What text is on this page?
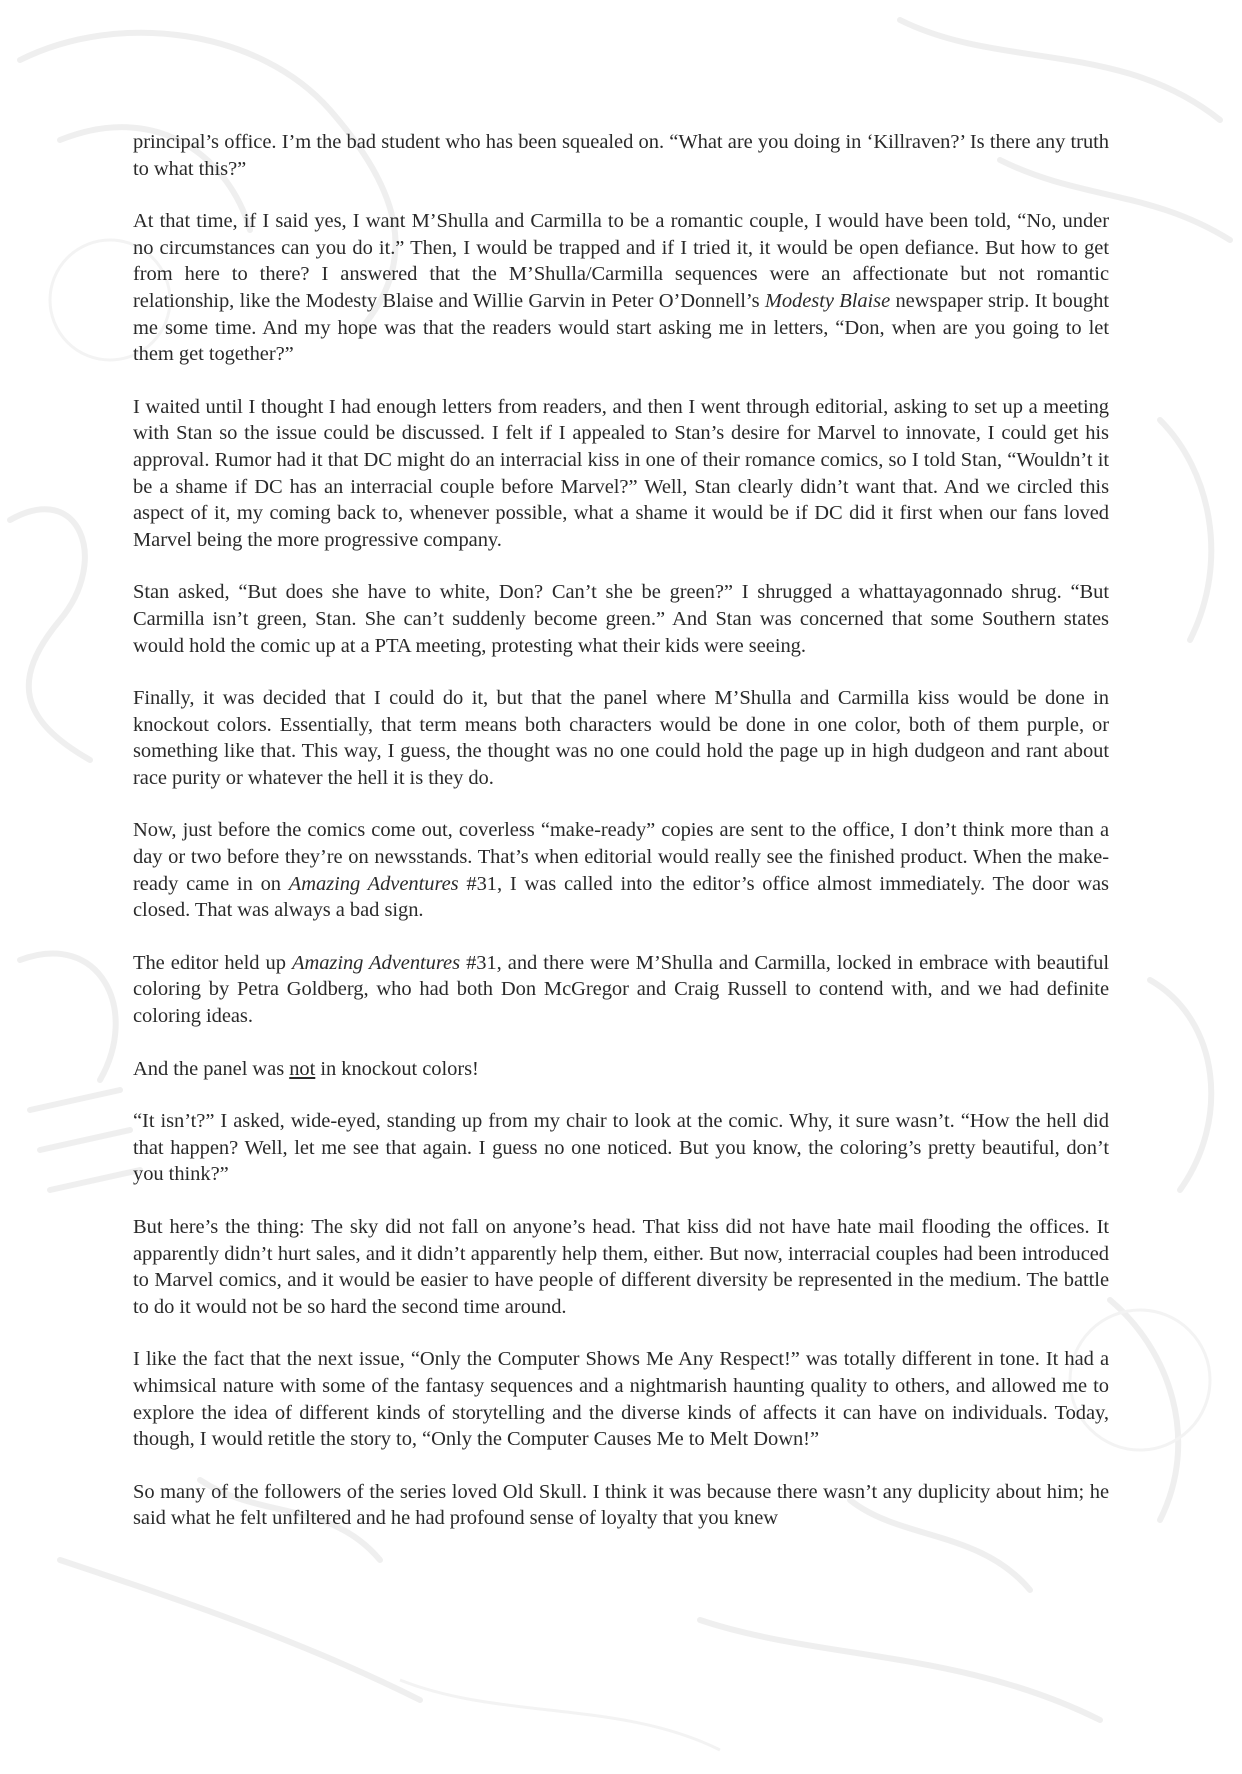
principal’s office. I’m the bad student who has been squealed on. “What are you doing in ‘Killraven?’ Is there any truth to what this?”

At that time, if I said yes, I want M’Shulla and Carmilla to be a romantic couple, I would have been told, “No, under no circumstances can you do it.” Then, I would be trapped and if I tried it, it would be open defiance. But how to get from here to there? I answered that the M’Shulla/Carmilla sequences were an affectionate but not romantic relationship, like the Modesty Blaise and Willie Garvin in Peter O’Donnell’s Modesty Blaise newspaper strip. It bought me some time. And my hope was that the readers would start asking me in letters, “Don, when are you going to let them get together?”

I waited until I thought I had enough letters from readers, and then I went through editorial, asking to set up a meeting with Stan so the issue could be discussed. I felt if I appealed to Stan’s desire for Marvel to innovate, I could get his approval. Rumor had it that DC might do an interracial kiss in one of their romance comics, so I told Stan, “Wouldn’t it be a shame if DC has an interracial couple before Marvel?” Well, Stan clearly didn’t want that. And we circled this aspect of it, my coming back to, whenever possible, what a shame it would be if DC did it first when our fans loved Marvel being the more progressive company.

Stan asked, “But does she have to white, Don? Can’t she be green?” I shrugged a whattayagonnado shrug. “But Carmilla isn’t green, Stan. She can’t suddenly become green.” And Stan was concerned that some Southern states would hold the comic up at a PTA meeting, protesting what their kids were seeing.

Finally, it was decided that I could do it, but that the panel where M’Shulla and Carmilla kiss would be done in knockout colors. Essentially, that term means both characters would be done in one color, both of them purple, or something like that. This way, I guess, the thought was no one could hold the page up in high dudgeon and rant about race purity or whatever the hell it is they do.

Now, just before the comics come out, coverless “make-ready” copies are sent to the office, I don’t think more than a day or two before they’re on newsstands. That’s when editorial would really see the finished product. When the make-ready came in on Amazing Adventures #31, I was called into the editor’s office almost immediately. The door was closed. That was always a bad sign.

The editor held up Amazing Adventures #31, and there were M’Shulla and Carmilla, locked in embrace with beautiful coloring by Petra Goldberg, who had both Don McGregor and Craig Russell to contend with, and we had definite coloring ideas.

And the panel was not in knockout colors!

“It isn’t?” I asked, wide-eyed, standing up from my chair to look at the comic. Why, it sure wasn’t. “How the hell did that happen? Well, let me see that again. I guess no one noticed. But you know, the coloring’s pretty beautiful, don’t you think?”

But here’s the thing: The sky did not fall on anyone’s head. That kiss did not have hate mail flooding the offices. It apparently didn’t hurt sales, and it didn’t apparently help them, either. But now, interracial couples had been introduced to Marvel comics, and it would be easier to have people of different diversity be represented in the medium. The battle to do it would not be so hard the second time around.

I like the fact that the next issue, “Only the Computer Shows Me Any Respect!” was totally different in tone. It had a whimsical nature with some of the fantasy sequences and a nightmarish haunting quality to others, and allowed me to explore the idea of different kinds of storytelling and the diverse kinds of affects it can have on individuals. Today, though, I would retitle the story to, “Only the Computer Causes Me to Melt Down!”

So many of the followers of the series loved Old Skull. I think it was because there wasn’t any duplicity about him; he said what he felt unfiltered and he had profound sense of loyalty that you knew
